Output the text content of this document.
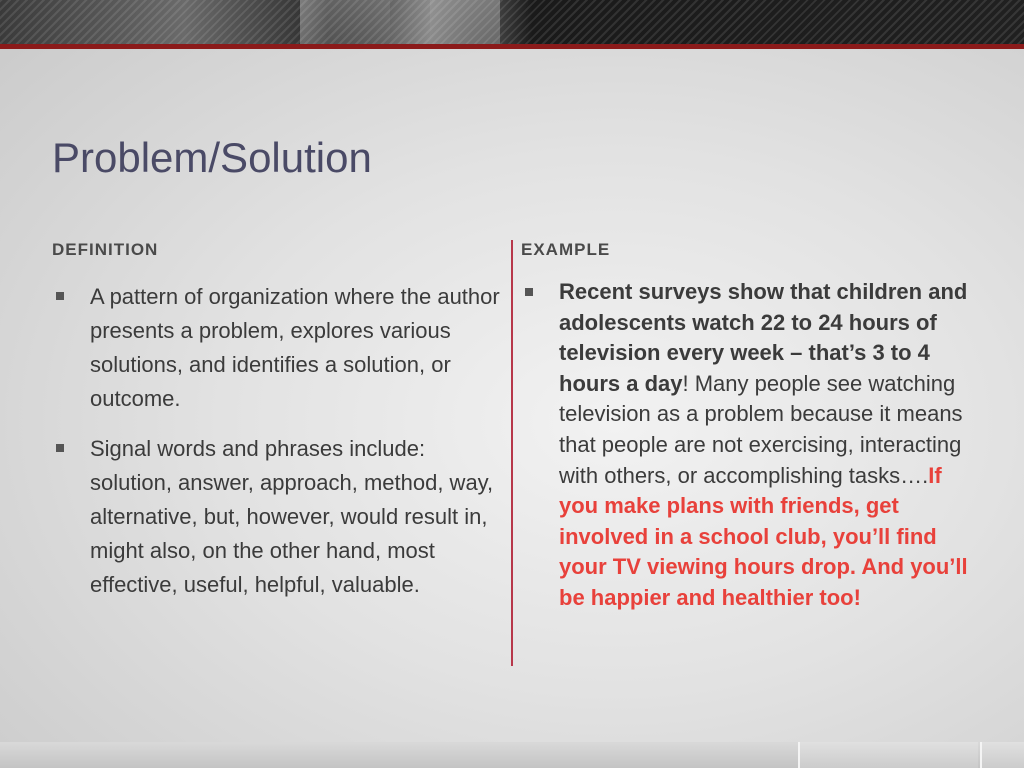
Problem/Solution
DEFINITION	EXAMPLE
A pattern of organization where the author presents a problem, explores various solutions, and identifies a solution, or outcome.
Signal words and phrases include: solution, answer, approach, method, way, alternative, but, however, would result in, might also, on the other hand, most effective, useful, helpful, valuable.
Recent surveys show that children and adolescents watch 22 to 24 hours of television every week – that’s 3 to 4 hours a day! Many people see watching television as a problem because it means that people are not exercising, interacting with others, or accomplishing tasks….If you make plans with friends, get involved in a school club, you’ll find your TV viewing hours drop. And you’ll be happier and healthier too!
